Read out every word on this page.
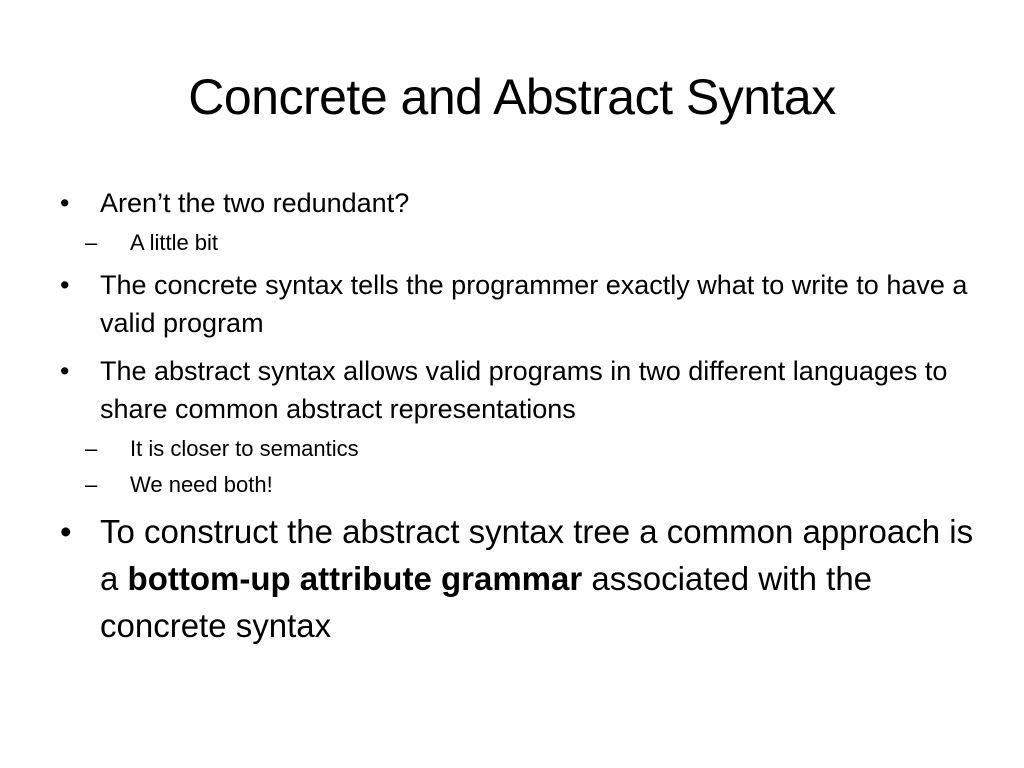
Concrete and Abstract Syntax
•	Aren’t the two redundant?
–	A little bit
•	The concrete syntax tells the programmer exactly what to write to have a valid program
•	The abstract syntax allows valid programs in two different languages to share common abstract representations
–	It is closer to semantics
–	We need both!
• To construct the abstract syntax tree a common approach is a bottom-up attribute grammar associated with the concrete syntax
